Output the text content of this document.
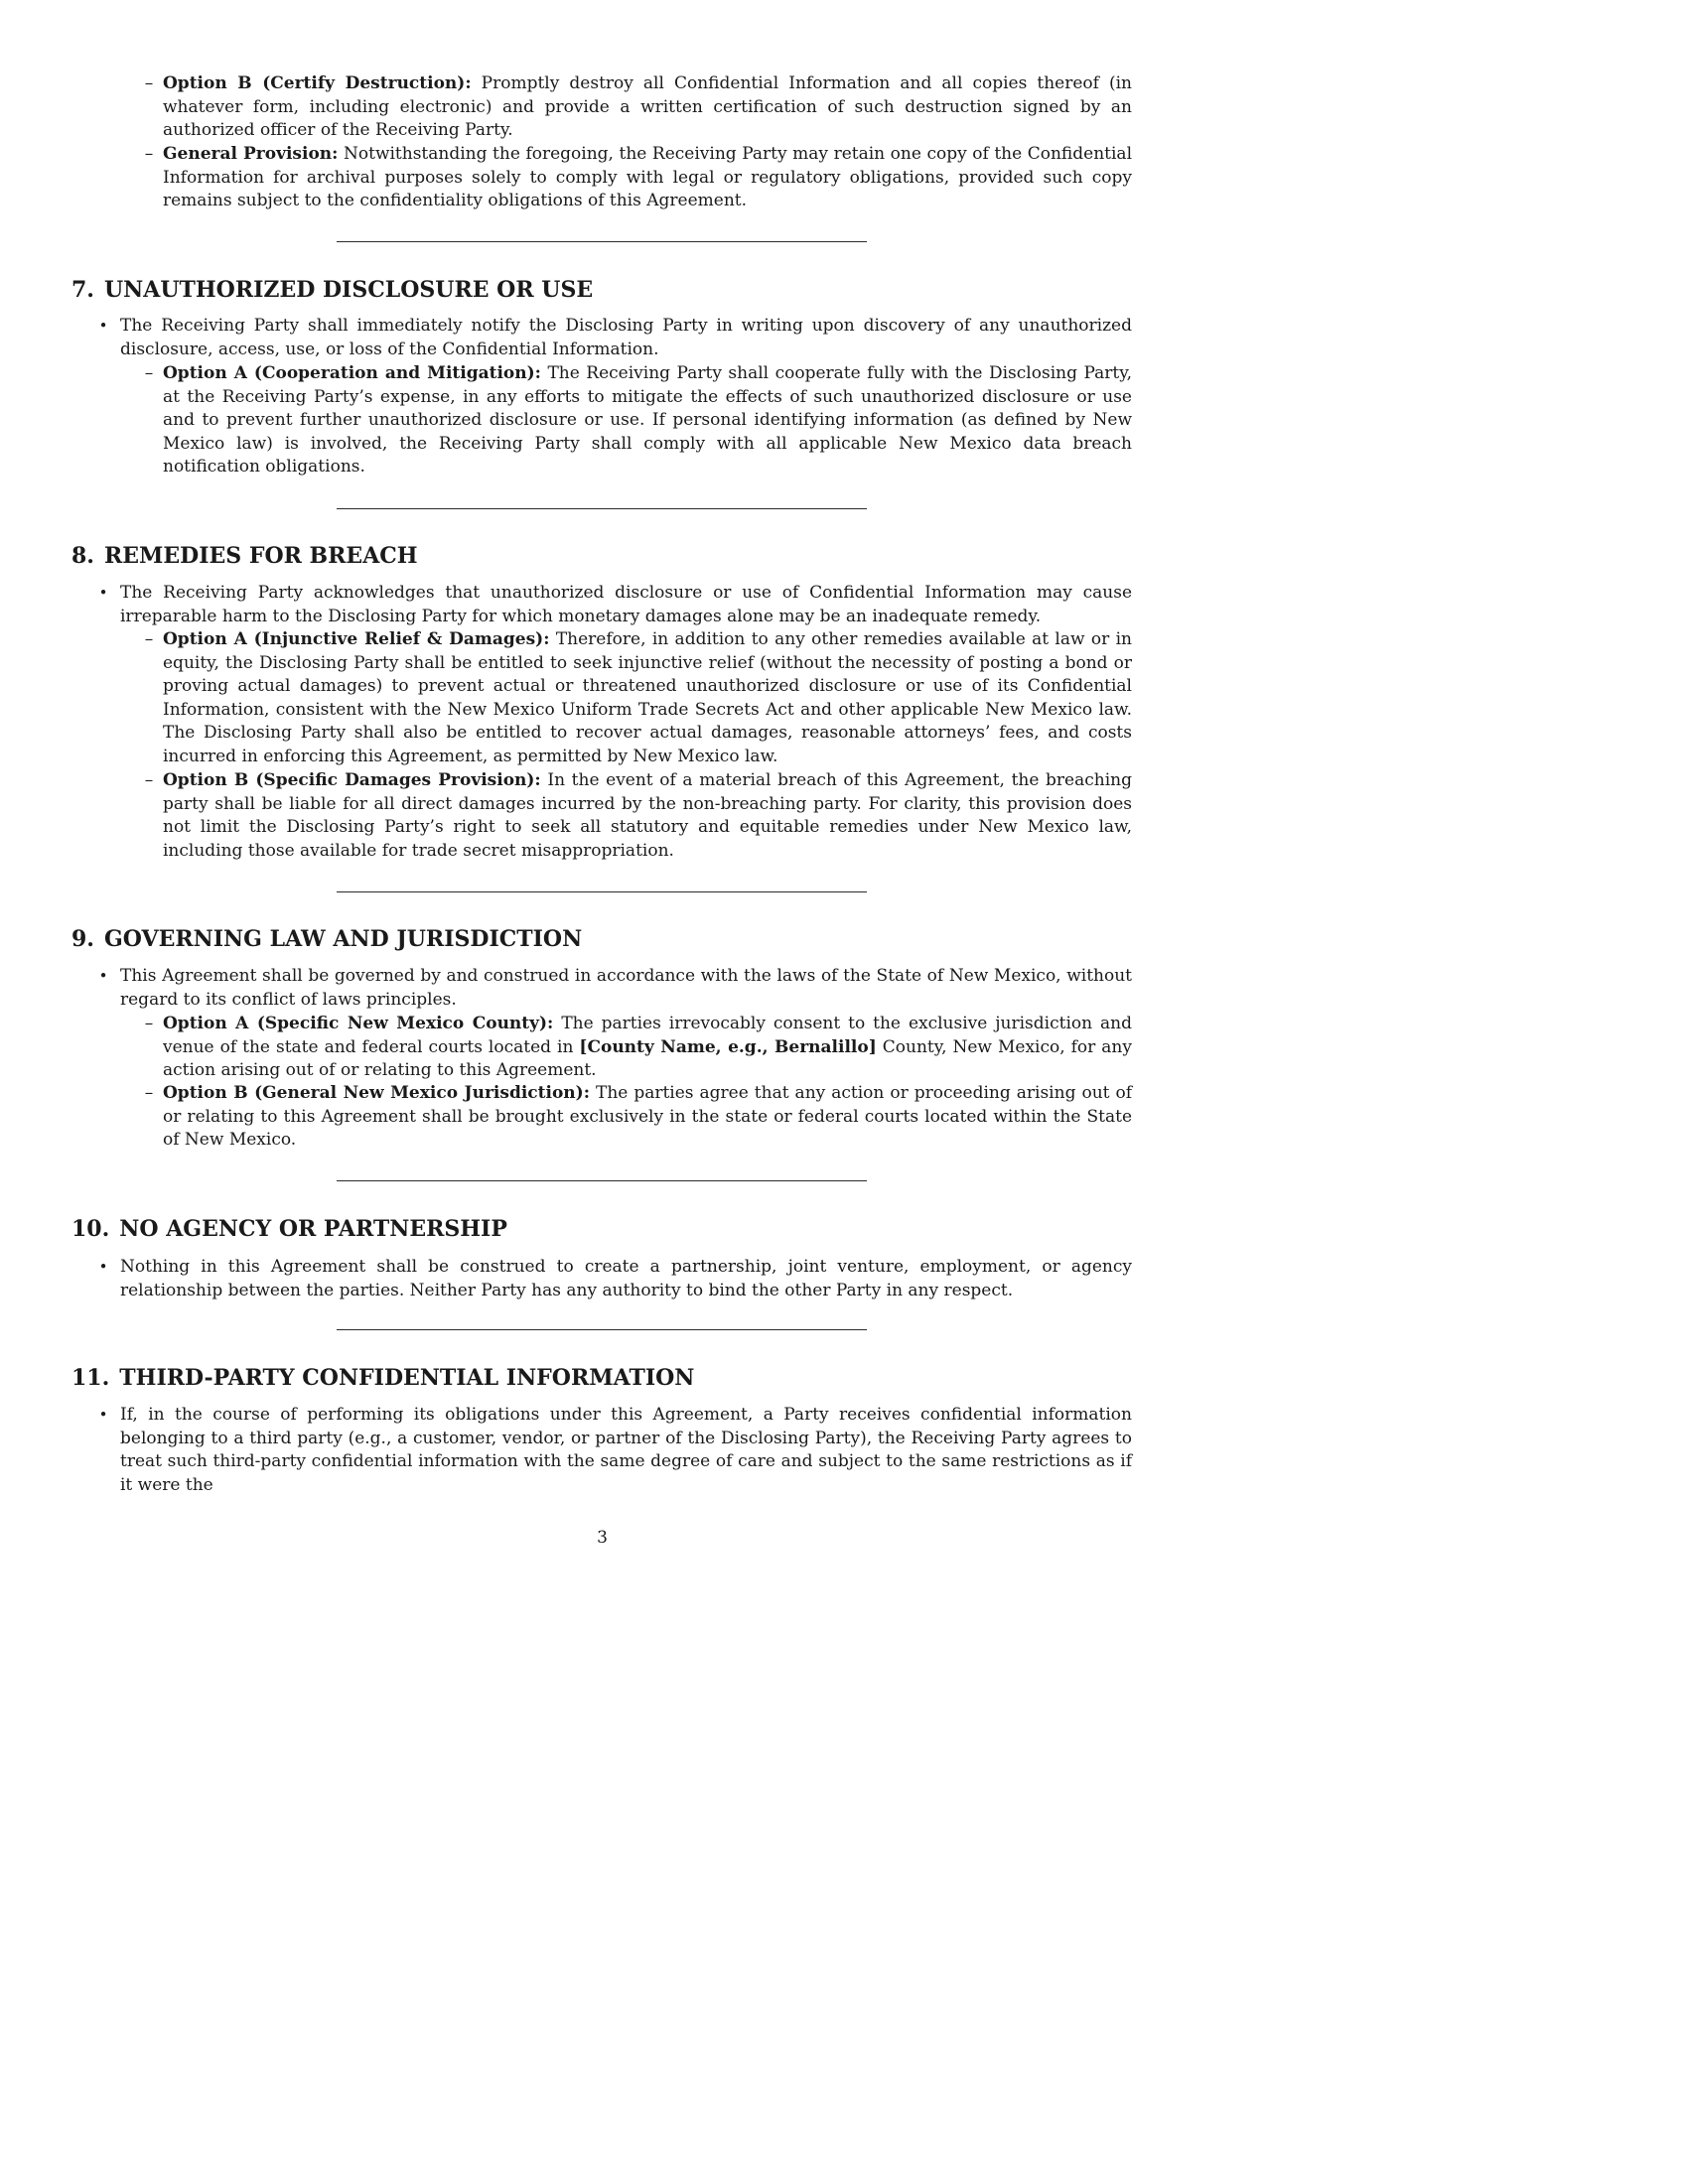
– Option B (Certify Destruction): Promptly destroy all Confidential Information and all copies thereof (in whatever form, including electronic) and provide a written certification of such destruction signed by an authorized officer of the Receiving Party.

– General Provision: Notwithstanding the foregoing, the Receiving Party may retain one copy of the Confidential Information for archival purposes solely to comply with legal or regulatory obligations, provided such copy remains subject to the confidentiality obligations of this Agreement.

7. UNAUTHORIZED DISCLOSURE OR USE
• The Receiving Party shall immediately notify the Disclosing Party in writing upon discovery of any unauthorized disclosure, access, use, or loss of the Confidential Information.

– Option A (Cooperation and Mitigation): The Receiving Party shall cooperate fully with the Disclosing Party, at the Receiving Party’s expense, in any efforts to mitigate the effects of such unauthorized disclosure or use and to prevent further unauthorized disclosure or use. If personal identifying information (as defined by New Mexico law) is involved, the Receiving Party shall comply with all applicable New Mexico data breach notification obligations.

8. REMEDIES FOR BREACH
• The Receiving Party acknowledges that unauthorized disclosure or use of Confidential Information may cause irreparable harm to the Disclosing Party for which monetary damages alone may be an inadequate remedy.

– Option A (Injunctive Relief & Damages): Therefore, in addition to any other remedies available at law or in equity, the Disclosing Party shall be entitled to seek injunctive relief (without the necessity of posting a bond or proving actual damages) to prevent actual or threatened unauthorized disclosure or use of its Confidential Information, consistent with the New Mexico Uniform Trade Secrets Act and other applicable New Mexico law. The Disclosing Party shall also be entitled to recover actual damages, reasonable attorneys’ fees, and costs incurred in enforcing this Agreement, as permitted by New Mexico law.

– Option B (Specific Damages Provision): In the event of a material breach of this Agreement, the breaching party shall be liable for all direct damages incurred by the non-breaching party. For clarity, this provision does not limit the Disclosing Party’s right to seek all statutory and equitable remedies under New Mexico law, including those available for trade secret misappropriation.

9. GOVERNING LAW AND JURISDICTION
• This Agreement shall be governed by and construed in accordance with the laws of the State of New Mexico, without regard to its conflict of laws principles.

– Option A (Specific New Mexico County): The parties irrevocably consent to the exclusive jurisdiction and venue of the state and federal courts located in [County Name, e.g., Bernalillo] County, New Mexico, for any action arising out of or relating to this Agreement.

– Option B (General New Mexico Jurisdiction): The parties agree that any action or proceeding arising out of or relating to this Agreement shall be brought exclusively in the state or federal courts located within the State of New Mexico.

10. NO AGENCY OR PARTNERSHIP
• Nothing in this Agreement shall be construed to create a partnership, joint venture, employment, or agency relationship between the parties. Neither Party has any authority to bind the other Party in any respect.

11. THIRD-PARTY CONFIDENTIAL INFORMATION
• If, in the course of performing its obligations under this Agreement, a Party receives confidential information belonging to a third party (e.g., a customer, vendor, or partner of the Disclosing Party), the Receiving Party agrees to treat such third-party confidential information with the same degree of care and subject to the same restrictions as if it were the

3
